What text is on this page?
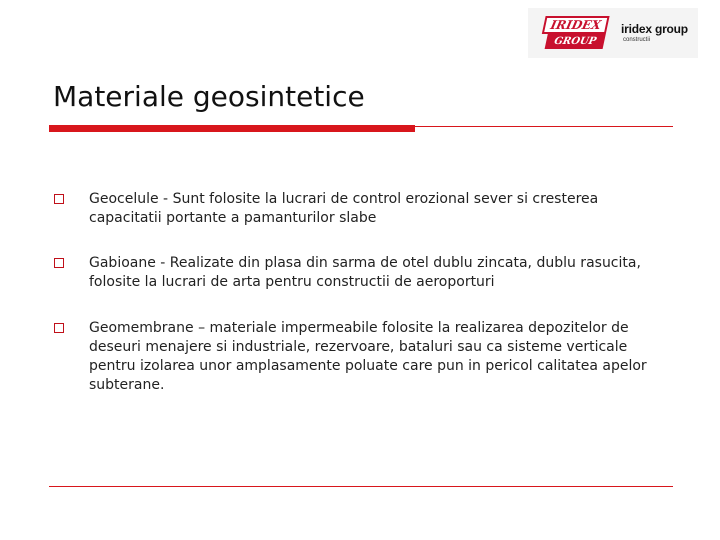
IRIDEX
GROUP
iridex group
constructii
Materiale geosintetice
Geocelule - Sunt folosite la lucrari de control erozional sever si cresterea capacitatii portante a pamanturilor slabe
Gabioane - Realizate din plasa din sarma de otel dublu zincata, dublu rasucita, folosite la lucrari de arta pentru constructii de aeroporturi
Geomembrane – materiale impermeabile folosite la realizarea depozitelor de deseuri menajere si industriale, rezervoare, bataluri sau ca sisteme verticale pentru izolarea unor amplasamente poluate care pun in pericol calitatea apelor subterane.
